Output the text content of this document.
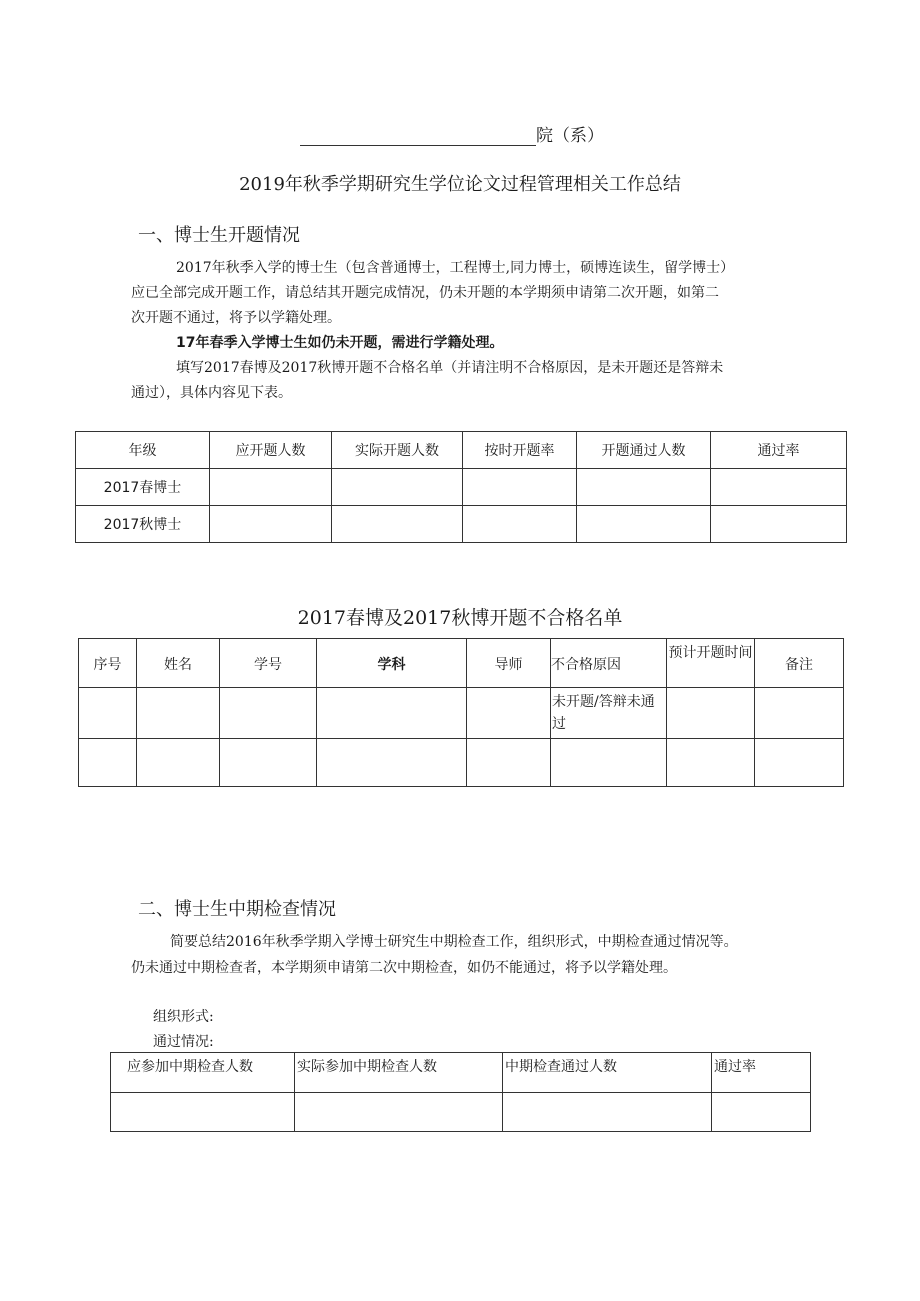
院（系）
2019年秋季学期研究生学位论文过程管理相关工作总结
一、博士生开题情况
2017年秋季入学的博士生（包含普通博士，工程博士,同力博士，硕博连读生，留学博士）
应已全部完成开题工作，请总结其开题完成情况，仍未开题的本学期须申请第二次开题，如第二
次开题不通过，将予以学籍处理。
17年春季入学博士生如仍未开题，需进行学籍处理。
填写2017春博及2017秋博开题不合格名单（并请注明不合格原因，是未开题还是答辩未
通过），具体内容见下表。
年级	应开题人数	实际开题人数	按时开题率	开题通过人数	通过率
2017春博士					
2017秋博士					
2017春博及2017秋博开题不合格名单
序号	姓名	学号	学科	导师	不合格原因	预计开题时间	备注
					未开题/答辩未通过		

二、博士生中期检查情况
简要总结2016年秋季学期入学博士研究生中期检查工作，组织形式，中期检查通过情况等。
仍未通过中期检查者，本学期须申请第二次中期检查，如仍不能通过，将予以学籍处理。
组织形式:
通过情况:
应参加中期检查人数	实际参加中期检查人数	中期检查通过人数	通过率
